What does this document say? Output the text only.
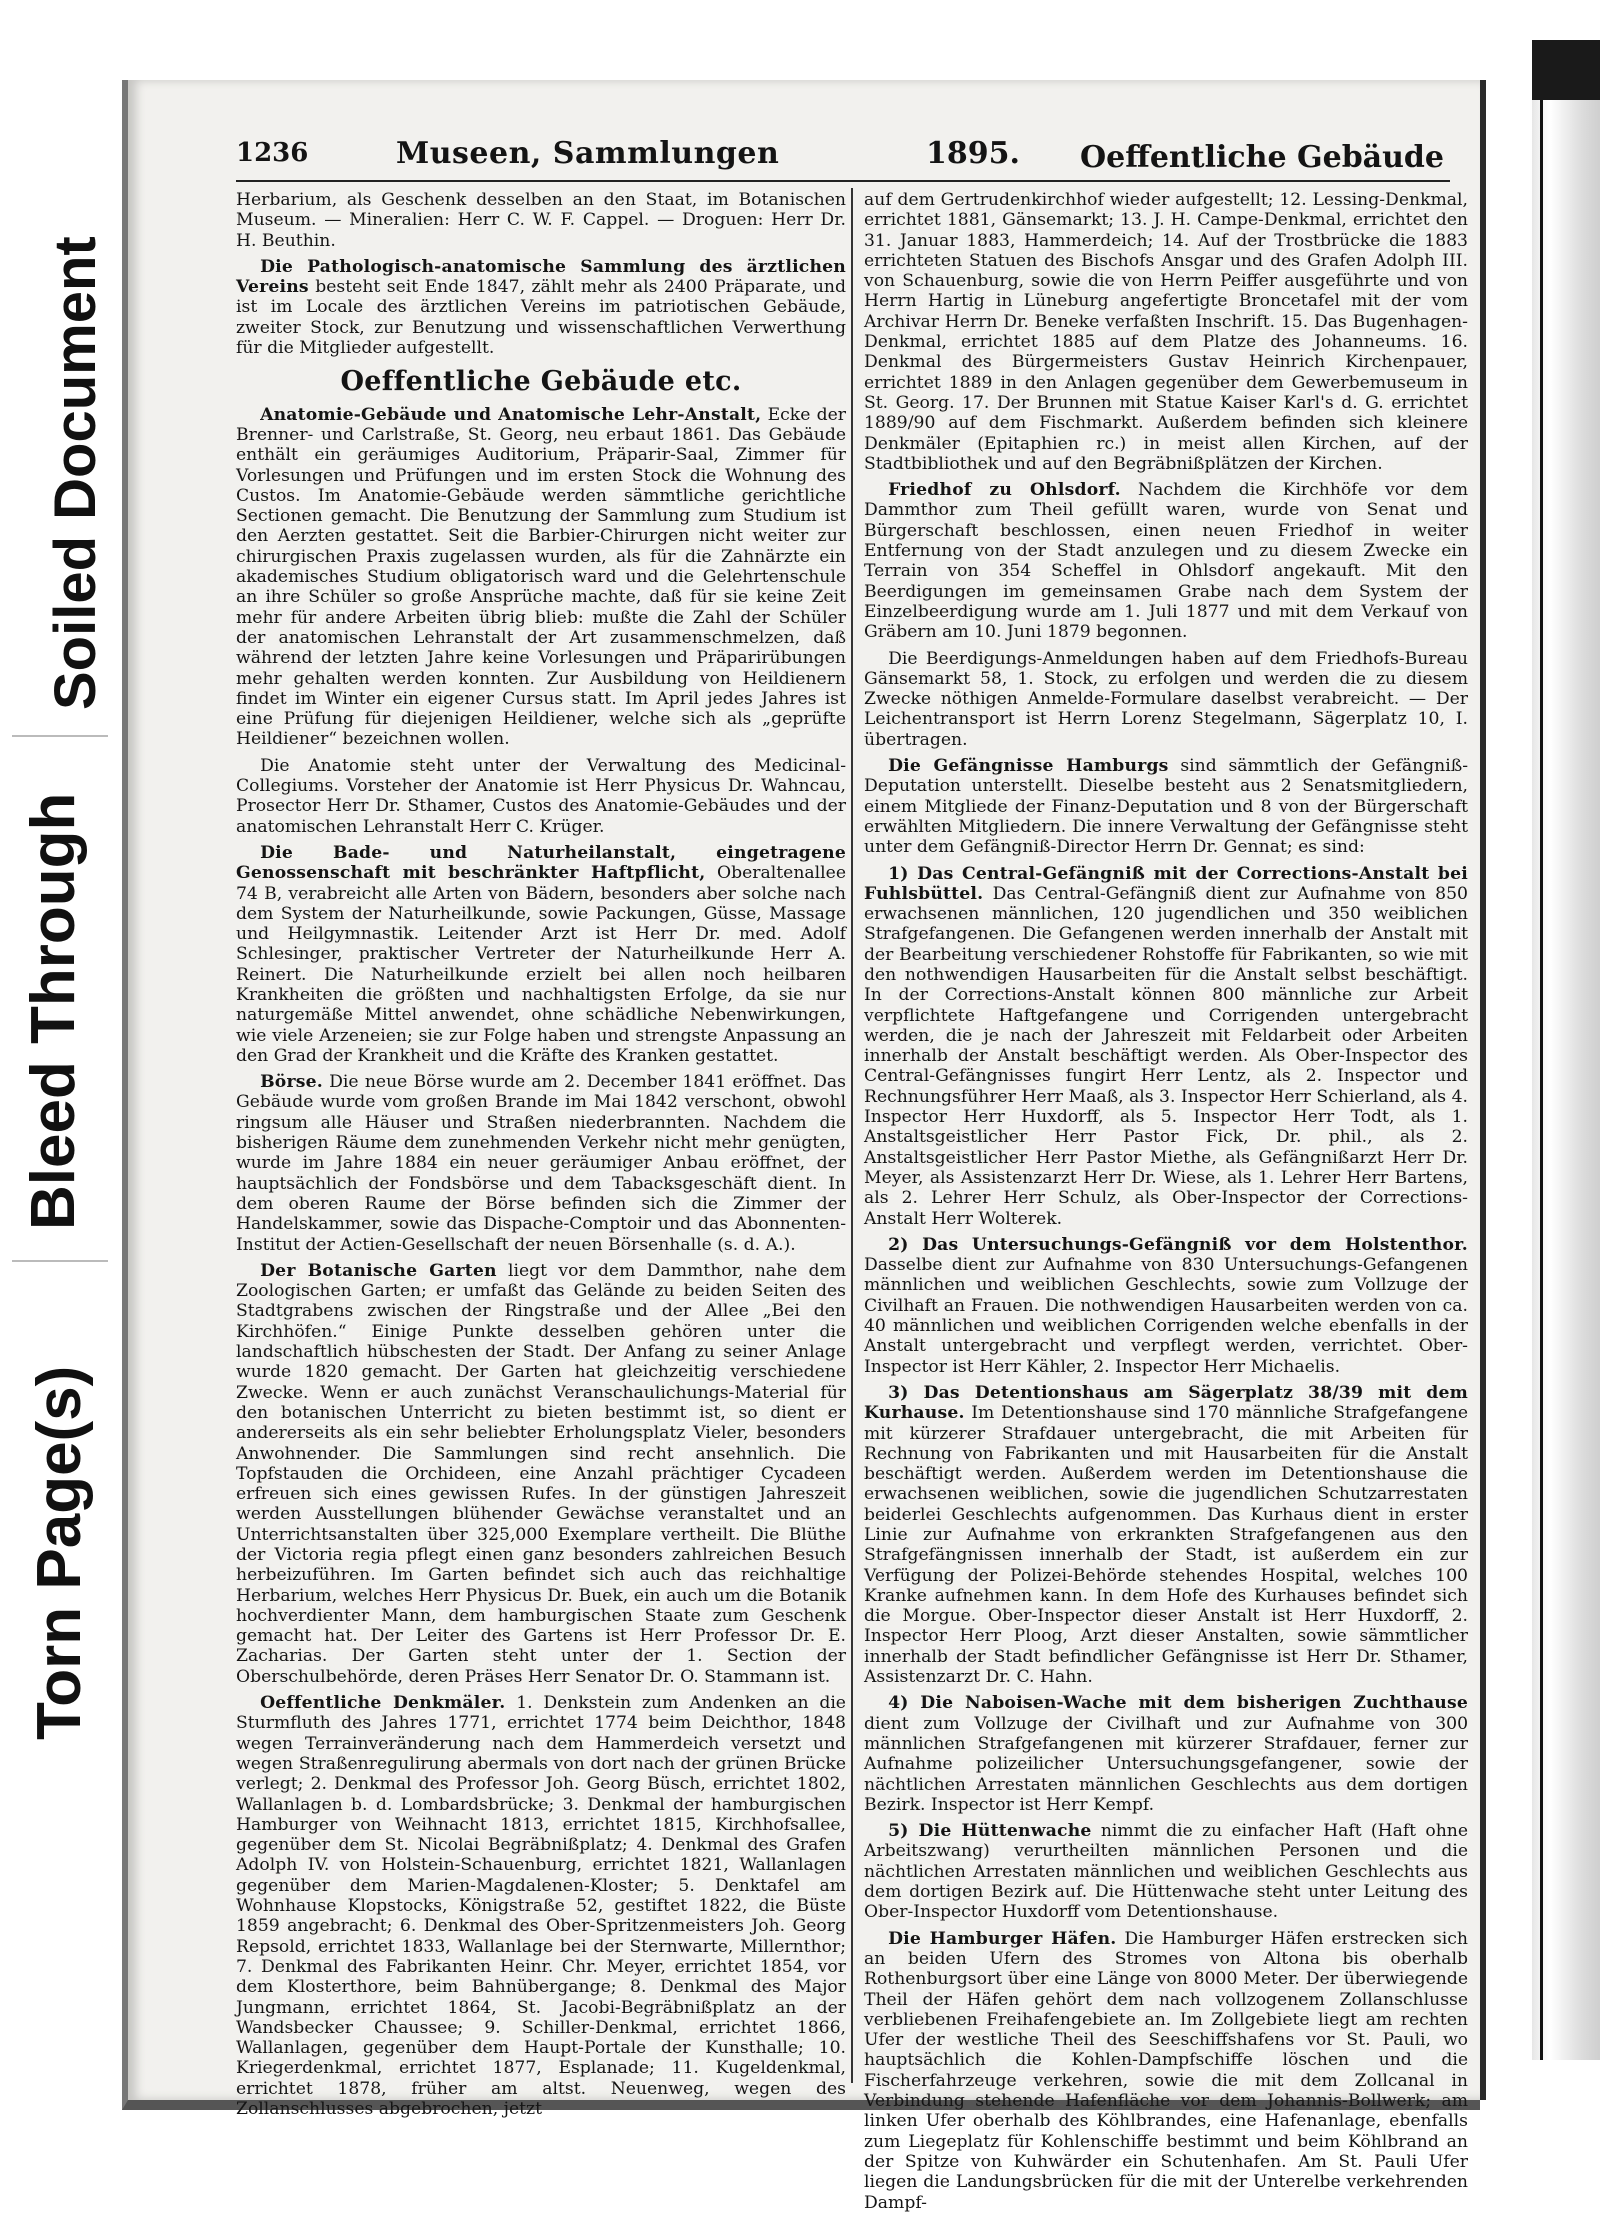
Soiled Document
Bleed Through
Torn Page(s)
1236	Museen, Sammlungen	1895. Oeffentliche Gebäude

Herbarium, als Geschenk desselben an den Staat, im Botanischen Museum. — Mineralien: Herr C. W. F. Cappel. — Droguen: Herr Dr. H. Beuthin.

Die Pathologisch-anatomische Sammlung des ärztlichen Vereins besteht seit Ende 1847, zählt mehr als 2400 Präparate, und ist im Locale des ärztlichen Vereins im patriotischen Gebäude, zweiter Stock, zur Benutzung und wissenschaftlichen Verwerthung für die Mitglieder aufgestellt.

Oeffentliche Gebäude etc.

Anatomie-Gebäude und Anatomische Lehr-Anstalt, Ecke der Brenner- und Carlstraße, St. Georg, neu erbaut 1861. Das Gebäude enthält ein geräumiges Auditorium, Präparir-Saal, Zimmer für Vorlesungen und Prüfungen und im ersten Stock die Wohnung des Custos. Im Anatomie-Gebäude werden sämmtliche gerichtliche Sectionen gemacht. Die Benutzung der Sammlung zum Studium ist den Aerzten gestattet. Seit die Barbier-Chirurgen nicht weiter zur chirurgischen Praxis zugelassen wurden, als für die Zahnärzte ein akademisches Studium obligatorisch ward und die Gelehrtenschule an ihre Schüler so große Ansprüche machte, daß für sie keine Zeit mehr für andere Arbeiten übrig blieb: mußte die Zahl der Schüler der anatomischen Lehranstalt der Art zusammenschmelzen, daß während der letzten Jahre keine Vorlesungen und Präparirübungen mehr gehalten werden konnten. Zur Ausbildung von Heildienern findet im Winter ein eigener Cursus statt. Im April jedes Jahres ist eine Prüfung für diejenigen Heildiener, welche sich als „geprüfte Heildiener“ bezeichnen wollen.

Die Anatomie steht unter der Verwaltung des Medicinal-Collegiums. Vorsteher der Anatomie ist Herr Physicus Dr. Wahncau, Prosector Herr Dr. Sthamer, Custos des Anatomie-Gebäudes und der anatomischen Lehranstalt Herr C. Krüger.

Die Bade- und Naturheilanstalt, eingetragene Genossenschaft mit beschränkter Haftpflicht, Oberaltenallee 74 B, verabreicht alle Arten von Bädern, besonders aber solche nach dem System der Naturheilkunde, sowie Packungen, Güsse, Massage und Heilgymnastik. Leitender Arzt ist Herr Dr. med. Adolf Schlesinger, praktischer Vertreter der Naturheilkunde Herr A. Reinert. Die Naturheilkunde erzielt bei allen noch heilbaren Krankheiten die größten und nachhaltigsten Erfolge, da sie nur naturgemäße Mittel anwendet, ohne schädliche Nebenwirkungen, wie viele Arzeneien; sie zur Folge haben und strengste Anpassung an den Grad der Krankheit und die Kräfte des Kranken gestattet.

Börse. Die neue Börse wurde am 2. December 1841 eröffnet. Das Gebäude wurde vom großen Brande im Mai 1842 verschont, obwohl ringsum alle Häuser und Straßen niederbrannten. Nachdem die bisherigen Räume dem zunehmenden Verkehr nicht mehr genügten, wurde im Jahre 1884 ein neuer geräumiger Anbau eröffnet, der hauptsächlich der Fondsbörse und dem Tabacksgeschäft dient. In dem oberen Raume der Börse befinden sich die Zimmer der Handelskammer, sowie das Dispache-Comptoir und das Abonnenten-Institut der Actien-Gesellschaft der neuen Börsenhalle (s. d. A.).

Der Botanische Garten liegt vor dem Dammthor, nahe dem Zoologischen Garten; er umfaßt das Gelände zu beiden Seiten des Stadtgrabens zwischen der Ringstraße und der Allee „Bei den Kirchhöfen.“ Einige Punkte desselben gehören unter die landschaftlich hübschesten der Stadt. Der Anfang zu seiner Anlage wurde 1820 gemacht. Der Garten hat gleichzeitig verschiedene Zwecke. Wenn er auch zunächst Veranschaulichungs-Material für den botanischen Unterricht zu bieten bestimmt ist, so dient er andererseits als ein sehr beliebter Erholungsplatz Vieler, besonders Anwohnender. Die Sammlungen sind recht ansehnlich. Die Topfstauden die Orchideen, eine Anzahl prächtiger Cycadeen erfreuen sich eines gewissen Rufes. In der günstigen Jahreszeit werden Ausstellungen blühender Gewächse veranstaltet und an Unterrichtsanstalten über 325,000 Exemplare vertheilt. Die Blüthe der Victoria regia pflegt einen ganz besonders zahlreichen Besuch herbeizuführen. Im Garten befindet sich auch das reichhaltige Herbarium, welches Herr Physicus Dr. Buek, ein auch um die Botanik hochverdienter Mann, dem hamburgischen Staate zum Geschenk gemacht hat. Der Leiter des Gartens ist Herr Professor Dr. E. Zacharias. Der Garten steht unter der 1. Section der Oberschulbehörde, deren Präses Herr Senator Dr. O. Stammann ist.

Oeffentliche Denkmäler. 1. Denkstein zum Andenken an die Sturmfluth des Jahres 1771, errichtet 1774 beim Deichthor, 1848 wegen Terrainveränderung nach dem Hammerdeich versetzt und wegen Straßenregulirung abermals von dort nach der grünen Brücke verlegt; 2. Denkmal des Professor Joh. Georg Büsch, errichtet 1802, Wallanlagen b. d. Lombardsbrücke; 3. Denkmal der hamburgischen Hamburger von Weihnacht 1813, errichtet 1815, Kirchhofsallee, gegenüber dem St. Nicolai Begräbnißplatz; 4. Denkmal des Grafen Adolph IV. von Holstein-Schauenburg, errichtet 1821, Wallanlagen gegenüber dem Marien-Magdalenen-Kloster; 5. Denktafel am Wohnhause Klopstocks, Königstraße 52, gestiftet 1822, die Büste 1859 angebracht; 6. Denkmal des Ober-Spritzenmeisters Joh. Georg Repsold, errichtet 1833, Wallanlage bei der Sternwarte, Millernthor; 7. Denkmal des Fabrikanten Heinr. Chr. Meyer, errichtet 1854, vor dem Klosterthore, beim Bahnübergange; 8. Denkmal des Major Jungmann, errichtet 1864, St. Jacobi-Begräbnißplatz an der Wandsbecker Chaussee; 9. Schiller-Denkmal, errichtet 1866, Wallanlagen, gegenüber dem Haupt-Portale der Kunsthalle; 10. Kriegerdenkmal, errichtet 1877, Esplanade; 11. Kugeldenkmal, errichtet 1878, früher am altst. Neuenweg, wegen des Zollanschlusses abgebrochen, jetzt

auf dem Gertrudenkirchhof wieder aufgestellt; 12. Lessing-Denkmal, errichtet 1881, Gänsemarkt; 13. J. H. Campe-Denkmal, errichtet den 31. Januar 1883, Hammerdeich; 14. Auf der Trostbrücke die 1883 errichteten Statuen des Bischofs Ansgar und des Grafen Adolph III. von Schauenburg, sowie die von Herrn Peiffer ausgeführte und von Herrn Hartig in Lüneburg angefertigte Broncetafel mit der vom Archivar Herrn Dr. Beneke verfaßten Inschrift. 15. Das Bugenhagen-Denkmal, errichtet 1885 auf dem Platze des Johanneums. 16. Denkmal des Bürgermeisters Gustav Heinrich Kirchenpauer, errichtet 1889 in den Anlagen gegenüber dem Gewerbemuseum in St. Georg. 17. Der Brunnen mit Statue Kaiser Karl's d. G. errichtet 1889/90 auf dem Fischmarkt. Außerdem befinden sich kleinere Denkmäler (Epitaphien rc.) in meist allen Kirchen, auf der Stadtbibliothek und auf den Begräbnißplätzen der Kirchen.

Friedhof zu Ohlsdorf. Nachdem die Kirchhöfe vor dem Dammthor zum Theil gefüllt waren, wurde von Senat und Bürgerschaft beschlossen, einen neuen Friedhof in weiter Entfernung von der Stadt anzulegen und zu diesem Zwecke ein Terrain von 354 Scheffel in Ohlsdorf angekauft. Mit den Beerdigungen im gemeinsamen Grabe nach dem System der Einzelbeerdigung wurde am 1. Juli 1877 und mit dem Verkauf von Gräbern am 10. Juni 1879 begonnen.

Die Beerdigungs-Anmeldungen haben auf dem Friedhofs-Bureau Gänsemarkt 58, 1. Stock, zu erfolgen und werden die zu diesem Zwecke nöthigen Anmelde-Formulare daselbst verabreicht. — Der Leichentransport ist Herrn Lorenz Stegelmann, Sägerplatz 10, I. übertragen.

Die Gefängnisse Hamburgs sind sämmtlich der Gefängniß-Deputation unterstellt. Dieselbe besteht aus 2 Senatsmitgliedern, einem Mitgliede der Finanz-Deputation und 8 von der Bürgerschaft erwählten Mitgliedern. Die innere Verwaltung der Gefängnisse steht unter dem Gefängniß-Director Herrn Dr. Gennat; es sind:

1) Das Central-Gefängniß mit der Corrections-Anstalt bei Fuhlsbüttel. Das Central-Gefängniß dient zur Aufnahme von 850 erwachsenen männlichen, 120 jugendlichen und 350 weiblichen Strafgefangenen. Die Gefangenen werden innerhalb der Anstalt mit der Bearbeitung verschiedener Rohstoffe für Fabrikanten, so wie mit den nothwendigen Hausarbeiten für die Anstalt selbst beschäftigt. In der Corrections-Anstalt können 800 männliche zur Arbeit verpflichtete Haftgefangene und Corrigenden untergebracht werden, die je nach der Jahreszeit mit Feldarbeit oder Arbeiten innerhalb der Anstalt beschäftigt werden. Als Ober-Inspector des Central-Gefängnisses fungirt Herr Lentz, als 2. Inspector und Rechnungsführer Herr Maaß, als 3. Inspector Herr Schierland, als 4. Inspector Herr Huxdorff, als 5. Inspector Herr Todt, als 1. Anstaltsgeistlicher Herr Pastor Fick, Dr. phil., als 2. Anstaltsgeistlicher Herr Pastor Miethe, als Gefängnißarzt Herr Dr. Meyer, als Assistenzarzt Herr Dr. Wiese, als 1. Lehrer Herr Bartens, als 2. Lehrer Herr Schulz, als Ober-Inspector der Corrections-Anstalt Herr Wolterek.

2) Das Untersuchungs-Gefängniß vor dem Holstenthor. Dasselbe dient zur Aufnahme von 830 Untersuchungs-Gefangenen männlichen und weiblichen Geschlechts, sowie zum Vollzuge der Civilhaft an Frauen. Die nothwendigen Hausarbeiten werden von ca. 40 männlichen und weiblichen Corrigenden welche ebenfalls in der Anstalt untergebracht und verpflegt werden, verrichtet. Ober-Inspector ist Herr Kähler, 2. Inspector Herr Michaelis.

3) Das Detentionshaus am Sägerplatz 38/39 mit dem Kurhause. Im Detentionshause sind 170 männliche Strafgefangene mit kürzerer Strafdauer untergebracht, die mit Arbeiten für Rechnung von Fabrikanten und mit Hausarbeiten für die Anstalt beschäftigt werden. Außerdem werden im Detentionshause die erwachsenen weiblichen, sowie die jugendlichen Schutzarrestaten beiderlei Geschlechts aufgenommen. Das Kurhaus dient in erster Linie zur Aufnahme von erkrankten Strafgefangenen aus den Strafgefängnissen innerhalb der Stadt, ist außerdem ein zur Verfügung der Polizei-Behörde stehendes Hospital, welches 100 Kranke aufnehmen kann. In dem Hofe des Kurhauses befindet sich die Morgue. Ober-Inspector dieser Anstalt ist Herr Huxdorff, 2. Inspector Herr Ploog, Arzt dieser Anstalten, sowie sämmtlicher innerhalb der Stadt befindlicher Gefängnisse ist Herr Dr. Sthamer, Assistenzarzt Dr. C. Hahn.

4) Die Naboisen-Wache mit dem bisherigen Zuchthause dient zum Vollzuge der Civilhaft und zur Aufnahme von 300 männlichen Strafgefangenen mit kürzerer Strafdauer, ferner zur Aufnahme polizeilicher Untersuchungsgefangener, sowie der nächtlichen Arrestaten männlichen Geschlechts aus dem dortigen Bezirk. Inspector ist Herr Kempf.

5) Die Hüttenwache nimmt die zu einfacher Haft (Haft ohne Arbeitszwang) verurtheilten männlichen Personen und die nächtlichen Arrestaten männlichen und weiblichen Geschlechts aus dem dortigen Bezirk auf. Die Hüttenwache steht unter Leitung des Ober-Inspector Huxdorff vom Detentionshause.

Die Hamburger Häfen. Die Hamburger Häfen erstrecken sich an beiden Ufern des Stromes von Altona bis oberhalb Rothenburgsort über eine Länge von 8000 Meter. Der überwiegende Theil der Häfen gehört dem nach vollzogenem Zollanschlusse verbliebenen Freihafengebiete an. Im Zollgebiete liegt am rechten Ufer der westliche Theil des Seeschiffshafens vor St. Pauli, wo hauptsächlich die Kohlen-Dampfschiffe löschen und die Fischerfahrzeuge verkehren, sowie die mit dem Zollcanal in Verbindung stehende Hafenfläche vor dem Johannis-Bollwerk; am linken Ufer oberhalb des Köhlbrandes, eine Hafenanlage, ebenfalls zum Liegeplatz für Kohlenschiffe bestimmt und beim Köhlbrand an der Spitze von Kuhwärder ein Schutenhafen. Am St. Pauli Ufer liegen die Landungsbrücken für die mit der Unterelbe verkehrenden Dampf-
